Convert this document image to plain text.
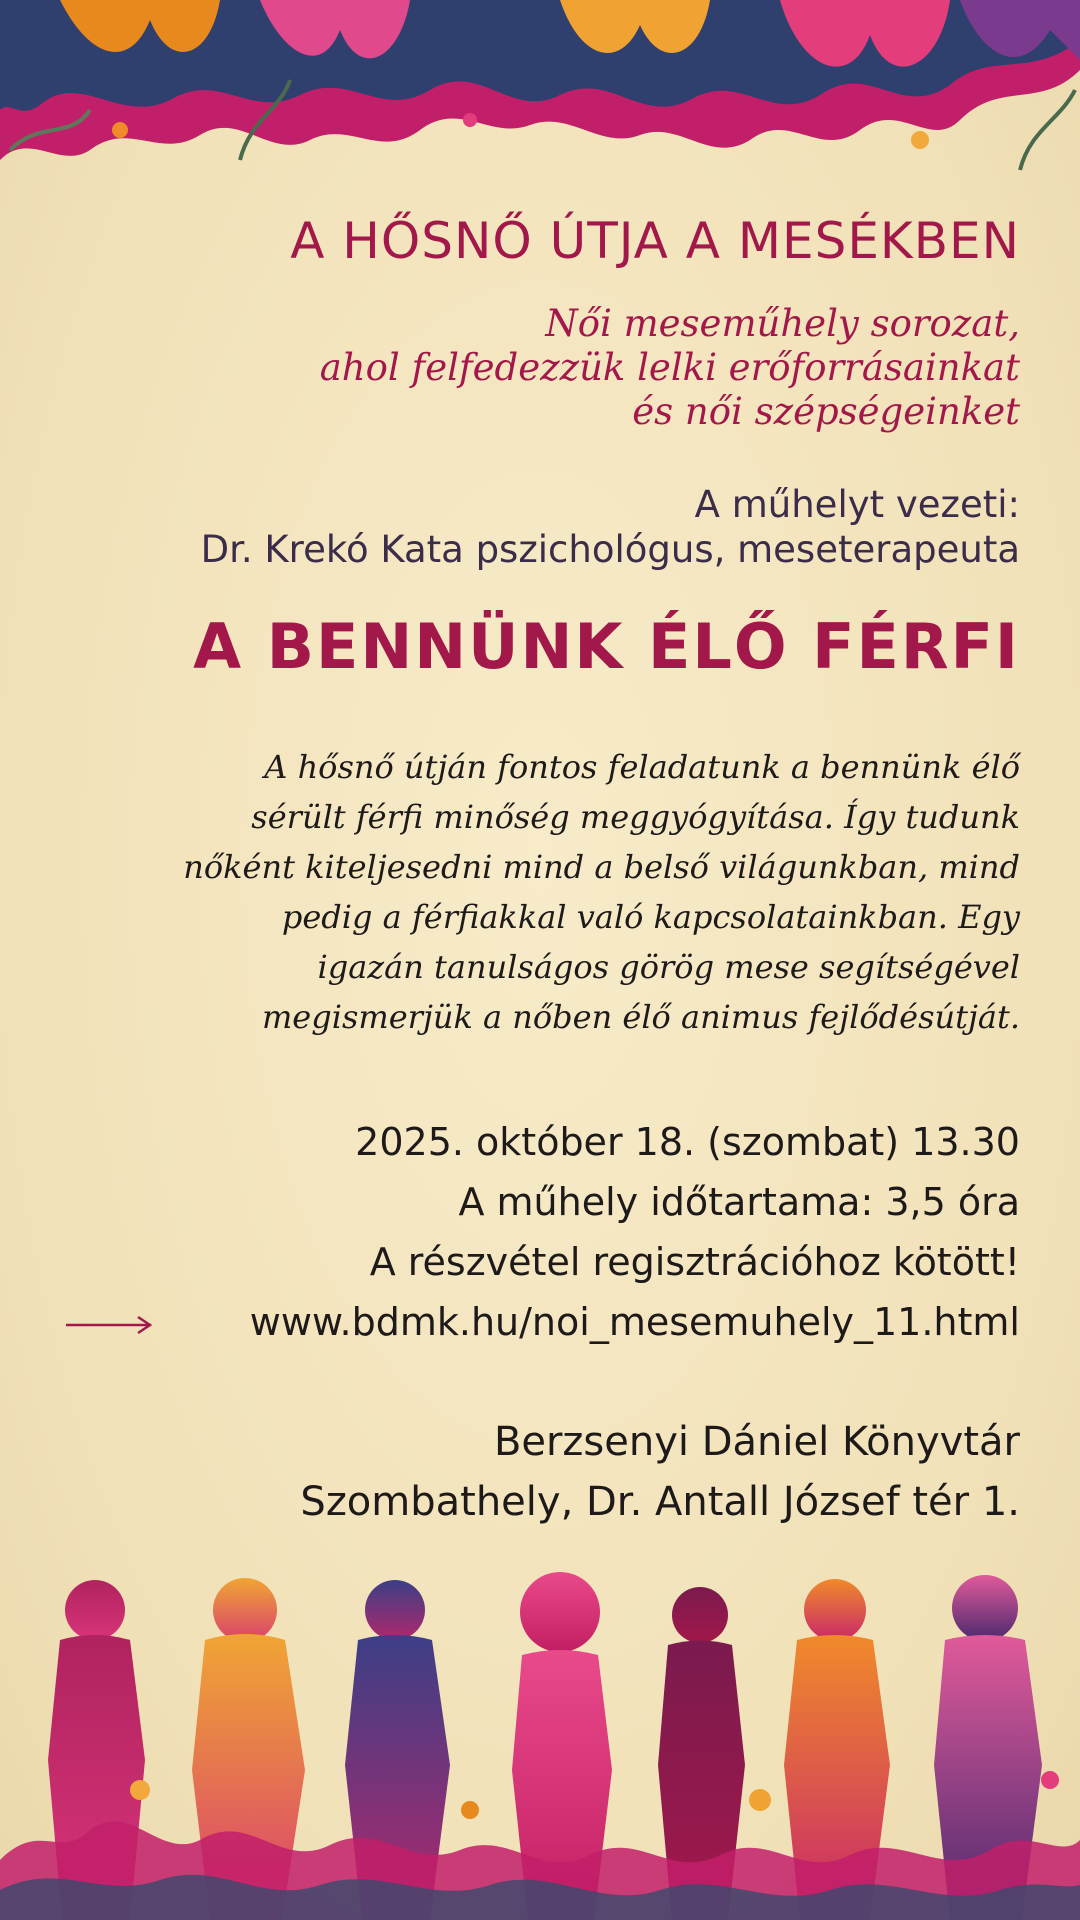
A HŐSNŐ ÚTJA A MESÉKBEN
Női meseműhely sorozat,
ahol felfedezzük lelki erőforrásainkat
és női szépségeinket
A műhelyt vezeti:
Dr. Krekó Kata pszichológus, meseterapeuta
A BENNÜNK ÉLŐ FÉRFI
A hősnő útján fontos feladatunk a bennünk élő
sérült férfi minőség meggyógyítása. Így tudunk
nőként kiteljesedni mind a belső világunkban, mind
pedig a férfiakkal való kapcsolatainkban. Egy
igazán tanulságos görög mese segítségével
megismerjük a nőben élő animus fejlődésútját.
2025. október 18. (szombat) 13.30
A műhely időtartama: 3,5 óra
A részvétel regisztrációhoz kötött!
www.bdmk.hu/noi_mesemuhely_11.html
Berzsenyi Dániel Könyvtár
Szombathely, Dr. Antall József tér 1.
